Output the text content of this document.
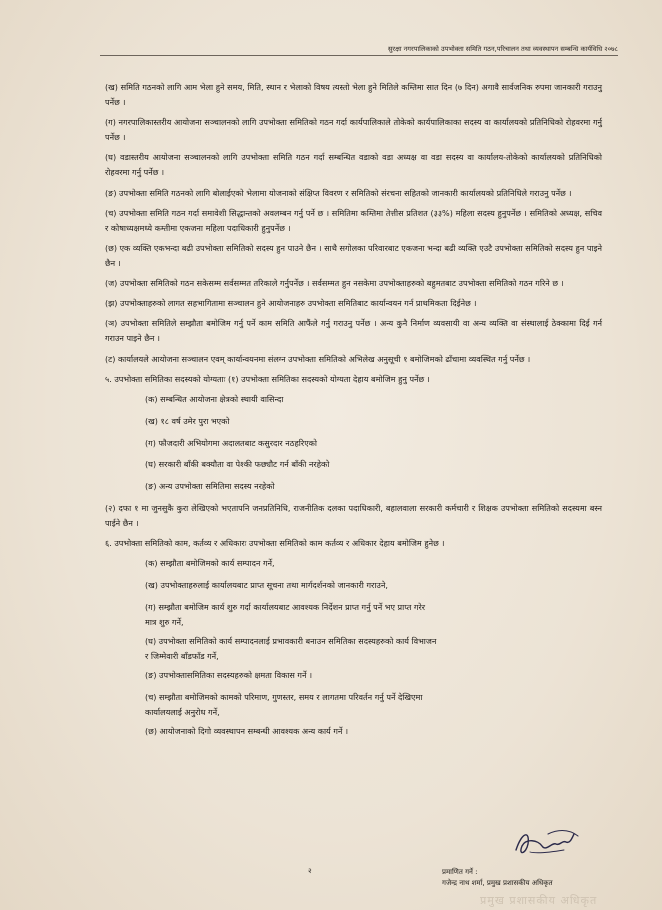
सुरक्षा नगरपालिकाको उपभोक्ता समिति गठन,परिचालन तथा व्यवस्थापन सम्बन्धि कार्यविधि २०७८

(ख) समिति गठनको लागि आम भेला हुने समय, मिति, स्थान र भेलाको विषय त्यस्तो भेला हुने मितिले कम्तिमा सात दिन (७ दिन) अगावै सार्वजनिक रुपमा जानकारी गराउनु पर्नेछ ।

(ग) नगरपालिकास्तरीय आयोजना सञ्चालनको लागि उपभोक्ता समितिको गठन गर्दा कार्यपालिकाले तोकेको कार्यपालिकाका सदस्य वा कार्यालयको प्रतिनिधिको रोहवरमा गर्नु पर्नेछ ।

(घ) वडास्तरीय आयोजना सञ्चालनको लागि उपभोक्ता समिति गठन गर्दा सम्बन्धित वडाको वडा अध्यक्ष वा वडा सदस्य वा कार्यालय-तोकेको कार्यालयको प्रतिनिधिको रोहवरमा गर्नु पर्नेछ ।

(ङ) उपभोक्ता समिति गठनको लागि बोलाईएको भेलामा योजनाको संक्षिप्त विवरण र समितिको संरचना सहितको जानकारी कार्यालयको प्रतिनिधिले गराउनु पर्नेछ ।

(च) उपभोक्ता समिति गठन गर्दा समावेशी सिद्धान्तको अवलम्बन गर्नु पर्ने छ । समितिमा कम्तिमा तेत्तीस प्रतिशत (३३%) महिला सदस्य हुनुपर्नेछ । समितिको अध्यक्ष, सचिव र कोषाध्यक्षमध्ये कम्तीमा एकजना महिला पदाधिकारी हुनुपर्नेछ ।

(छ) एक व्यक्ति एकभन्दा बढी उपभोक्ता समितिको सदस्य हुन पाउने छैन । साथै सगोलका परिवारबाट एकजना भन्दा बढी व्यक्ति एउटै उपभोक्ता समितिको सदस्य हुन पाइने छैन ।

(ज) उपभोक्ता समितिको गठन सकेसम्म सर्वसम्मत तरिकाले गर्नुपर्नेछ । सर्वसम्मत हुन नसकेमा उपभोक्ताहरुको बहुमतबाट उपभोक्ता समितिको गठन गरिने छ ।

(झ) उपभोक्ताहरुको लागत सहभागितामा सञ्चालन हुने आयोजनाहरु उपभोक्ता समितिबाट कार्यान्वयन गर्न प्राथमिकता दिईनेछ ।

(ञ) उपभोक्ता समितिले सम्झौता बमोजिम गर्नु पर्ने काम समिति आफैंले गर्नु गराउनु पर्नेछ । अन्य कुनै निर्माण व्यवसायी वा अन्य व्यक्ति वा संस्थालाई ठेक्कामा दिई गर्न गराउन पाइने छैन ।

(ट) कार्यालयले आयोजना सञ्चालन एवम् कार्यान्वयनमा संलग्न उपभोक्ता समितिको अभिलेख अनुसूची १ बमोजिमको ढाँचामा व्यवस्थित गर्नु पर्नेछ ।

५. उपभोक्ता समितिका सदस्यको योग्यताः (१) उपभोक्ता समितिका सदस्यको योग्यता देहाय बमोजिम हुनु पर्नेछ ।

(क) सम्बन्धित आयोजना क्षेत्रको स्थायी वासिन्दा
(ख) १८ वर्ष उमेर पुरा भएको
(ग) फौजदारी अभियोगमा अदालतबाट कसुरदार नठहरिएको
(घ) सरकारी बाँकी बक्यौता वा पेश्की फछ्यौट गर्न बाँकी नरहेको
(ङ) अन्य उपभोक्ता समितिमा सदस्य नरहेको

(२) दफा १ मा जुनसुकै कुरा लेखिएको भएतापनि जनप्रतिनिधि, राजनीतिक दलका पदाधिकारी, बहालवाला सरकारी कर्मचारी र शिक्षक उपभोक्ता समितिको सदस्यमा बस्न पाईने छैन ।

६. उपभोक्ता समितिको काम, कर्तव्य र अधिकारः उपभोक्ता समितिको काम कर्तव्य र अधिकार देहाय बमोजिम हुनेछ ।

(क) सम्झौता बमोजिमको कार्य सम्पादन गर्ने,
(ख) उपभोक्ताहरुलाई कार्यालयबाट प्राप्त सूचना तथा मार्गदर्शनको जानकारी गराउने,
(ग) सम्झौता बमोजिम कार्य शुरु गर्दा कार्यालयबाट आवश्यक निर्देशन प्राप्त गर्नु पर्ने भए प्राप्त गरेर
मात्र शुरु गर्ने,
(घ) उपभोक्ता समितिको कार्य सम्पादनलाई प्रभावकारी बनाउन समितिका सदस्यहरुको कार्य विभाजन
र जिम्मेवारी बाँडफाँड गर्ने,
(ङ) उपभोक्तासमितिका सदस्यहरुको क्षमता विकास गर्ने ।
(च) सम्झौता बमोजिमको कामको परिमाण, गुणस्तर, समय र लागतमा परिवर्तन गर्नु पर्ने देखिएमा
कार्यालयलाई अनुरोध गर्ने,
(छ) आयोजनाको दिगो व्यवस्थापन सम्बन्धी आवश्यक अन्य कार्य गर्ने ।
२	प्रमाणित गर्ने :
गजेन्द्र नाथ शर्मा, प्रमुख प्रशासकीय अधिकृत
प्रमुख प्रशासकीय अधिकृत
